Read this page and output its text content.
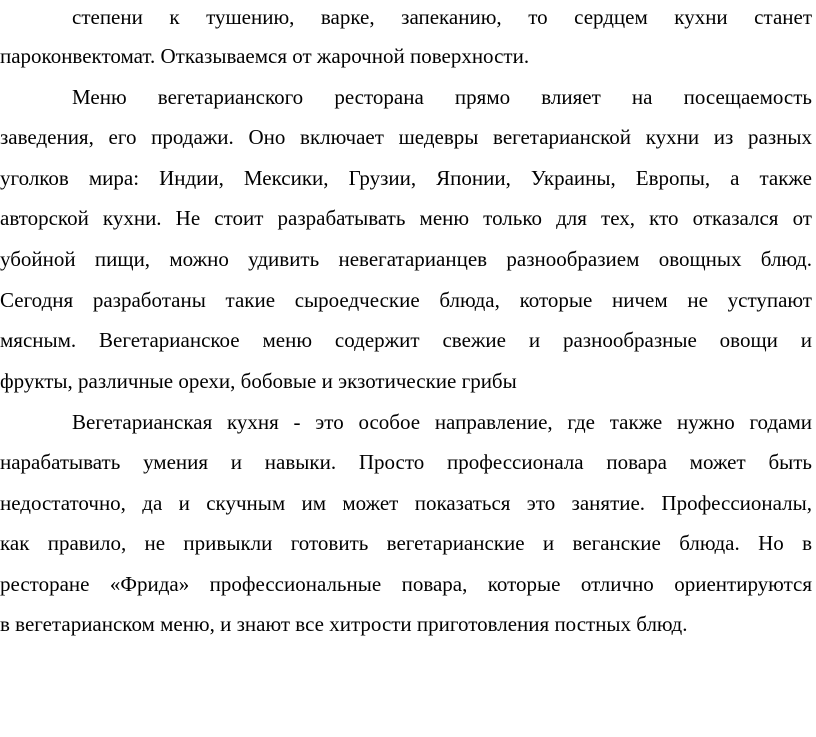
степени к тушению, варке, запеканию, то сердцем кухни станет
пароконвектомат. Отказываемся от жарочной поверхности.
Меню вегетарианского ресторана прямо влияет на посещаемость
заведения, его продажи. Оно включает шедевры вегетарианской кухни из разных
уголков мира: Индии, Мексики, Грузии, Японии, Украины, Европы, а также
авторской кухни. Не стоит разрабатывать меню только для тех, кто отказался от
убойной пищи, можно удивить невегатарианцев разнообразием овощных блюд.
Сегодня разработаны такие сыроедческие блюда, которые ничем не уступают
мясным. Вегетарианское меню содержит свежие и разнообразные овощи и
фрукты, различные орехи, бобовые и экзотические грибы
Вегетарианская кухня - это особое направление, где также нужно годами
нарабатывать умения и навыки. Просто профессионала повара может быть
недостаточно, да и скучным им может показаться это занятие. Профессионалы,
как правило, не привыкли готовить вегетарианские и веганские блюда. Но в
ресторане «Фрида» профессиональные повара, которые отлично ориентируются
в вегетарианском меню, и знают все хитрости приготовления постных блюд.
